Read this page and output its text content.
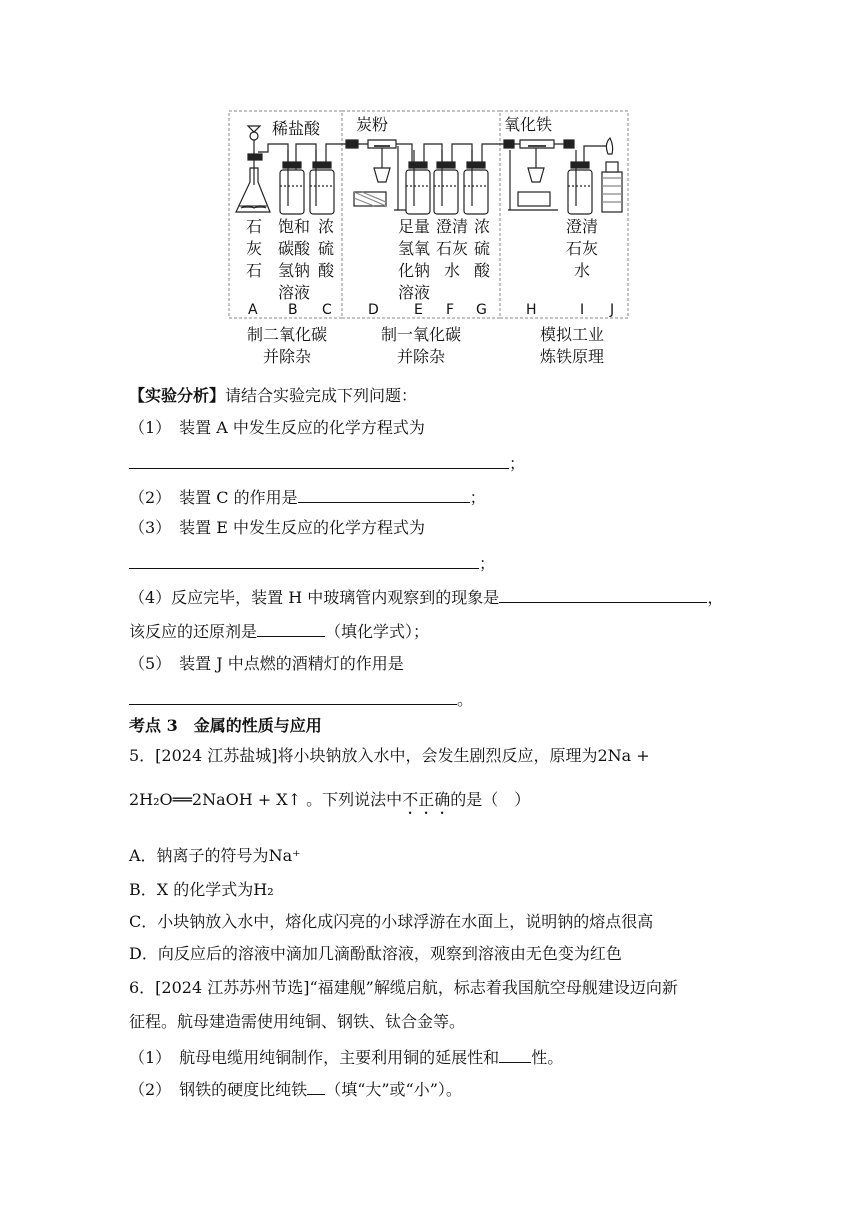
稀盐酸 炭粉	氧化铁
石灰石
饱和碳酸氢钠溶液
浓硫酸
足量氢氧化钠溶液
澄清石灰水
浓硫酸
澄清石灰水
A B C	D	E F G	H	I J
制二氧化碳
并除杂
制一氧化碳
并除杂
模拟工业
炼铁原理
【实验分析】请结合实验完成下列问题：
（1）　装置 A 中发生反应的化学方程式为
；
（2）　装置 C 的作用是	；
（3）　装置 E 中发生反应的化学方程式为
；
（4）反应完毕，装置 H 中玻璃管内观察到的现象是	，
该反应的还原剂是	（填化学式）；
（5）　装置 J 中点燃的酒精灯的作用是
。
考点 3　金属的性质与应用
5．[2024 江苏盐城]将小块钠放入水中，会发生剧烈反应，原理为2Na +
2H₂O══2NaOH + X↑ 。下列说法中不正确的是（　）
A．钠离子的符号为Na⁺
B．X 的化学式为H₂
C．小块钠放入水中，熔化成闪亮的小球浮游在水面上，说明钠的熔点很高
D．向反应后的溶液中滴加几滴酚酞溶液，观察到溶液由无色变为红色
6．[2024 江苏苏州节选]“福建舰”解缆启航，标志着我国航空母舰建设迈向新
征程。航母建造需使用纯铜、钢铁、钛合金等。
（1）　航母电缆用纯铜制作，主要利用铜的延展性和 性。
（2）　钢铁的硬度比纯铁 （填“大”或“小”）。
